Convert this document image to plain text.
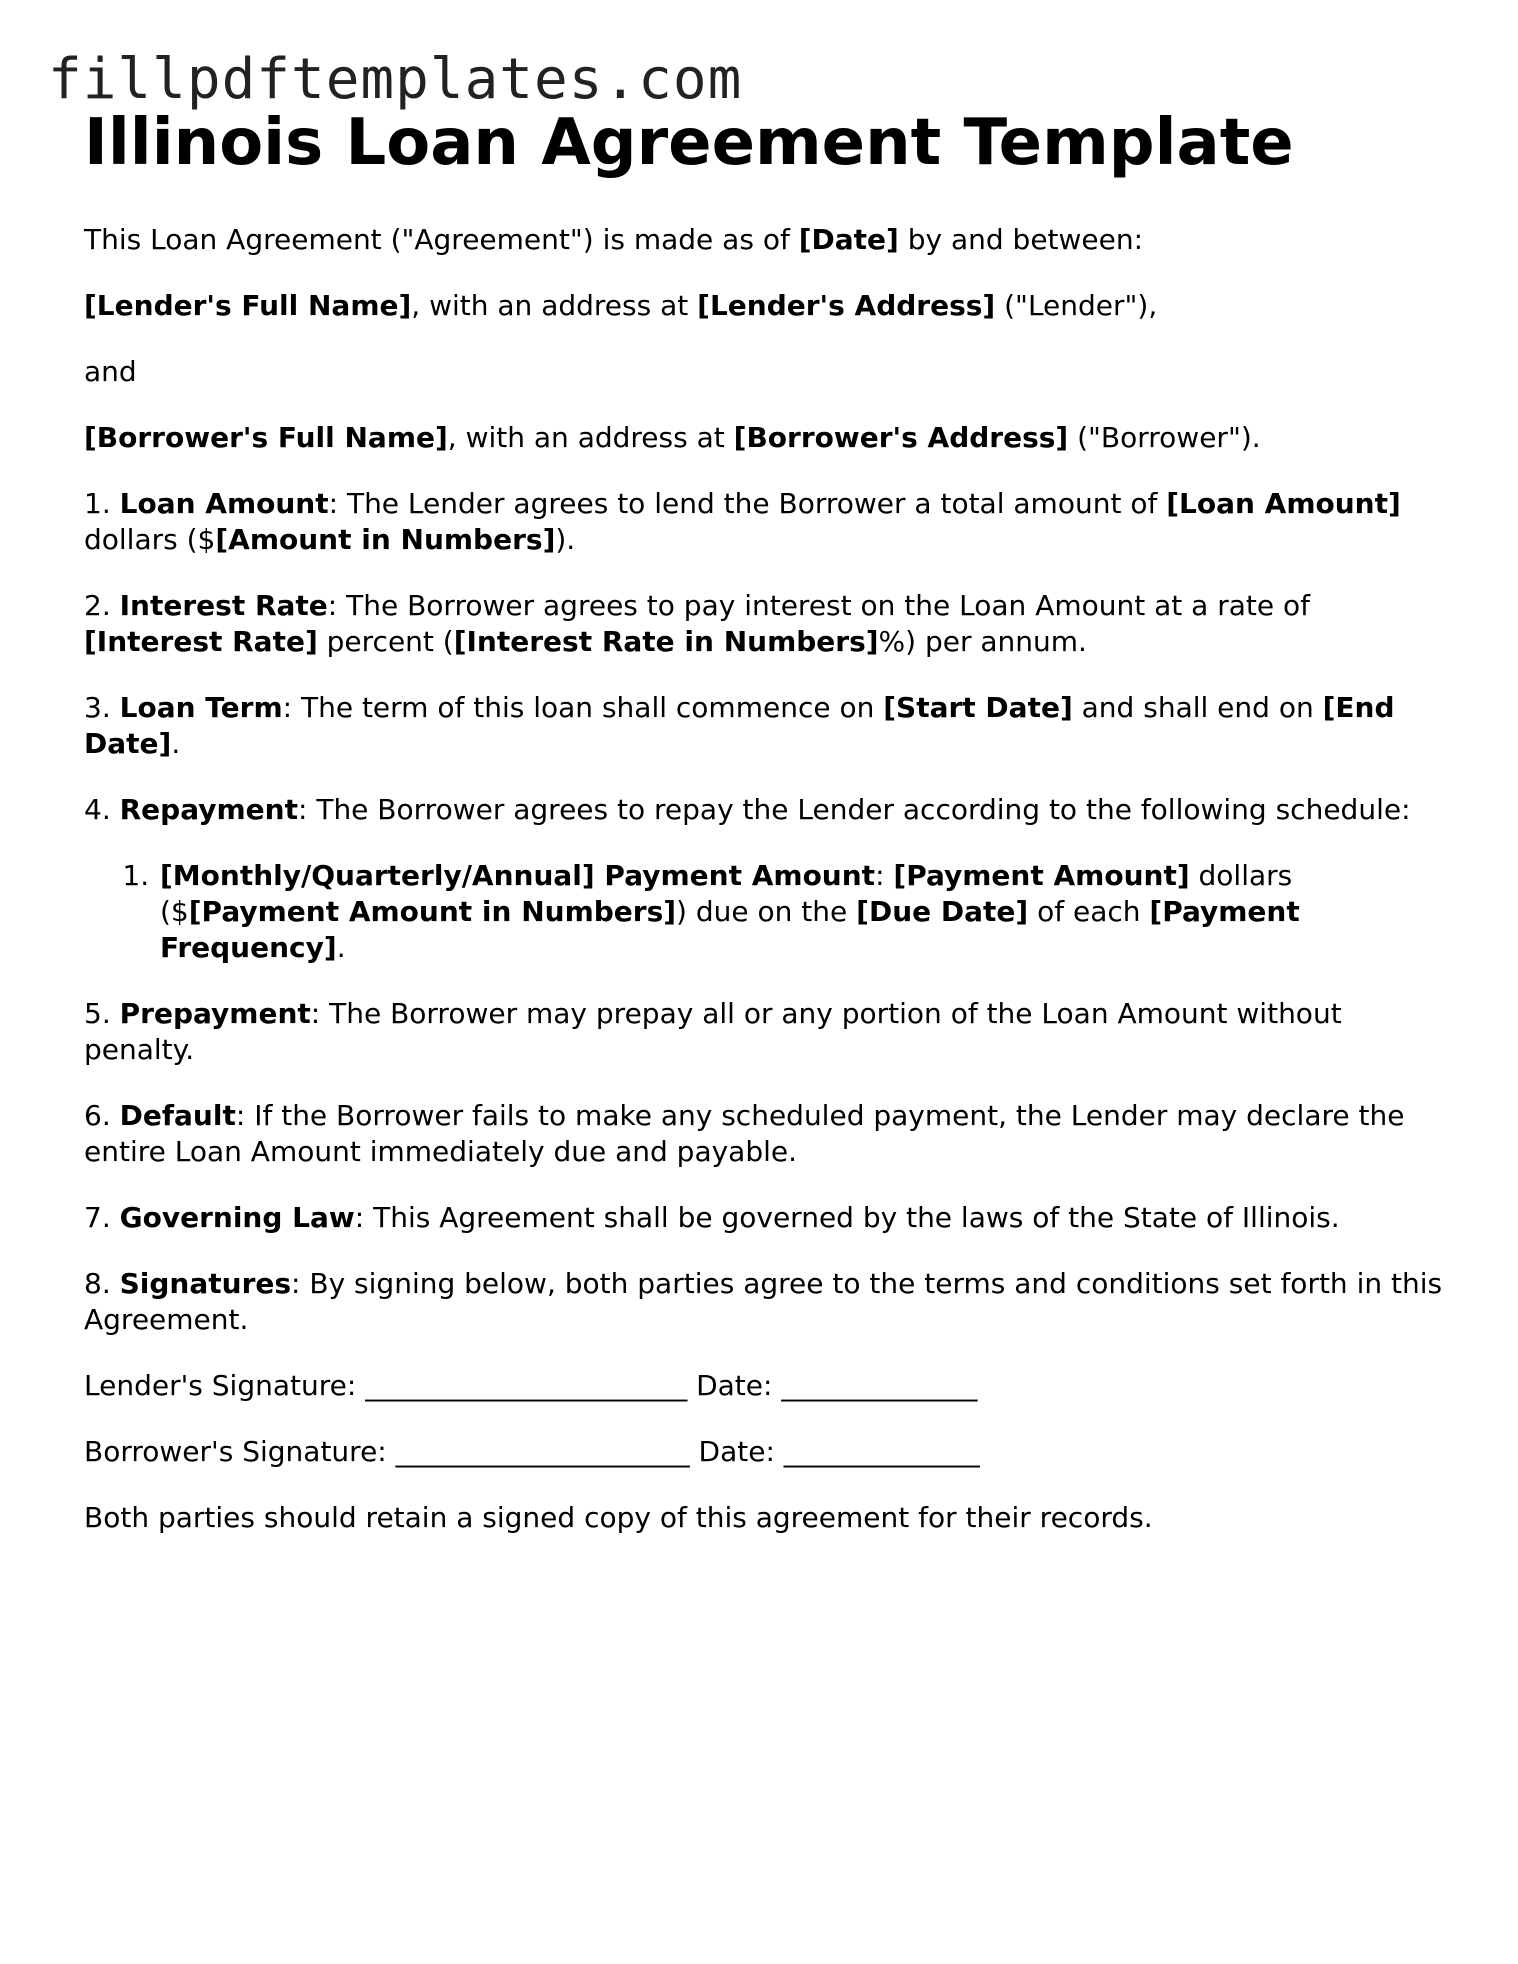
fillpdftemplates.com
Illinois Loan Agreement Template

This Loan Agreement ("Agreement") is made as of [Date] by and between:

[Lender's Full Name], with an address at [Lender's Address] ("Lender"),

and

[Borrower's Full Name], with an address at [Borrower's Address] ("Borrower").

1. Loan Amount: The Lender agrees to lend the Borrower a total amount of [Loan Amount] dollars ($[Amount in Numbers]).

2. Interest Rate: The Borrower agrees to pay interest on the Loan Amount at a rate of [Interest Rate] percent ([Interest Rate in Numbers]%) per annum.

3. Loan Term: The term of this loan shall commence on [Start Date] and shall end on [End Date].

4. Repayment: The Borrower agrees to repay the Lender according to the following schedule:

1. [Monthly/Quarterly/Annual] Payment Amount: [Payment Amount] dollars ($[Payment Amount in Numbers]) due on the [Due Date] of each [Payment Frequency].

5. Prepayment: The Borrower may prepay all or any portion of the Loan Amount without penalty.

6. Default: If the Borrower fails to make any scheduled payment, the Lender may declare the entire Loan Amount immediately due and payable.

7. Governing Law: This Agreement shall be governed by the laws of the State of Illinois.

8. Signatures: By signing below, both parties agree to the terms and conditions set forth in this Agreement.

Lender's Signature: _______________________ Date: ______________

Borrower's Signature: _____________________ Date: ______________

Both parties should retain a signed copy of this agreement for their records.
